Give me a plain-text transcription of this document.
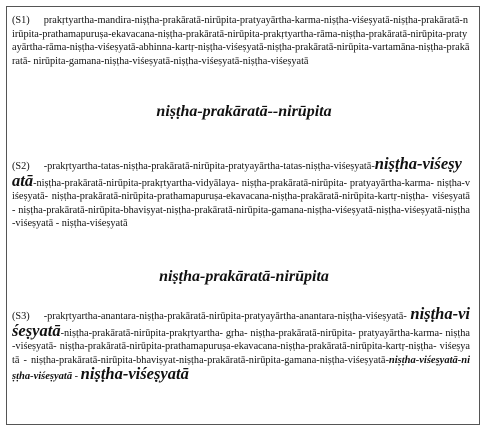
(S1) prakṛtyartha-mandira-niṣṭha-prakāratā-nirūpita-pratyayārtha-karma-niṣṭha-viśeṣyatā-niṣṭha-prakāratā-nirūpita-prathamapuruṣa-ekavacana-niṣṭha-prakāratā-nirūpita-prakṛtyartha-rāma-niṣṭha-prakāratā-nirūpita-pratyayārtha-rāma-niṣṭha-viśeṣyatā-abhinna-kartṛ-niṣṭha-viśeṣyatā-niṣṭha-prakāratā-nirūpita-vartamāna-niṣṭha-prakāratā- nirūpita-gamana-niṣṭha-viśeṣyatā-niṣṭha-viśeṣyatā-niṣṭha-viśeṣyatā
niṣṭha-prakāratā--nirūpita
(S2) -prakṛtyartha-tatas-niṣṭha-prakāratā-nirūpita-pratyayārtha-tatas-niṣṭha-viśeṣyatā-niṣṭha-viśeṣyatā-niṣṭha-prakāratā-nirūpita-prakṛtyartha-vidyālaya- niṣṭha-prakāratā-nirūpita- pratyayārtha-karma- niṣṭha-viśeṣyatā- niṣṭha-prakāratā-nirūpita-prathamapuruṣa-ekavacana-niṣṭha-prakāratā-nirūpita-kartṛ-niṣṭha- viśeṣyatā - niṣṭha-prakāratā-nirūpita-bhaviṣyat-niṣṭha-prakāratā-nirūpita-gamana-niṣṭha-viśeṣyatā-niṣṭha-viśeṣyatā-niṣṭha-viśeṣyatā - niṣṭha-viśeṣyatā
niṣṭha-prakāratā-nirūpita
(S3) -prakṛtyartha-anantara-niṣṭha-prakāratā-nirūpita-pratyayārtha-anantara-niṣṭha-viśeṣyatā- niṣṭha-viśeṣyatā-niṣṭha-prakāratā-nirūpita-prakṛtyartha- gṛha- niṣṭha-prakāratā-nirūpita- pratyayārtha-karma- niṣṭha-viśeṣyatā- niṣṭha-prakāratā-nirūpita-prathamapuruṣa-ekavacana-niṣṭha-prakāratā-nirūpita-kartṛ-niṣṭha- viśeṣyatā - niṣṭha-prakāratā-nirūpita-bhaviṣyat-niṣṭha-prakāratā-nirūpita-gamana-niṣṭha-viśeṣyatā-niṣṭha-viśeṣyatā-niṣṭha-viśeṣyatā - niṣṭha-viśeṣyatā
